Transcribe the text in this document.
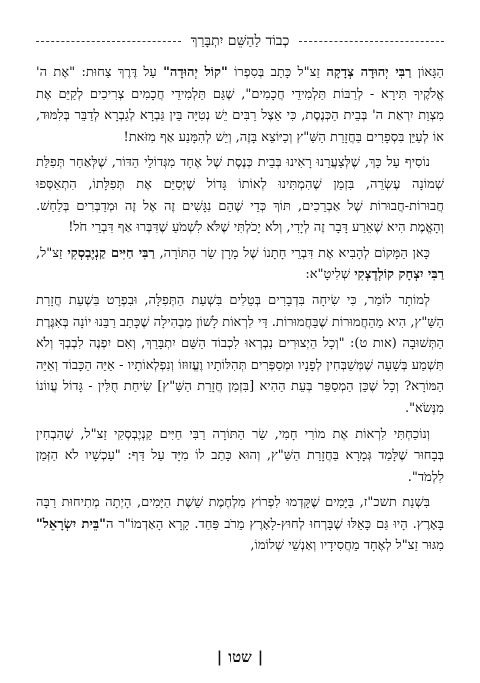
כְבוֹד לַהַשֵּׁם יִתְבָּרַךְ

הַגָּאוֹן רַבִּי יְהוּדָה צְדָקָה זַצ"ל כָּתַב בְּסִפְרוֹ "קוֹל יְהוּדָה" עַל דֶּרֶךְ צַחוּת: "אֶת ה' אֱלֹקֶיךָ תִּירָא - לְרַבּוֹת תַּלְמִידֵי חֲכָמִים", שֶׁגַּם תַּלְמִידֵי חֲכָמִים צְרִיכִים לְקַיֵּם אֶת מִצְוַת יִרְאַת ה' בְּבֵית הַכְּנֶסֶת, כִּי אֵצֶל רַבִּים יֵשׁ נְטִיָּה בֵּין גַּבְרָא לְגַבְרָא לְדַבֵּר בְּלִמּוּד, אוֹ לְעַיֵּן בִּסְפָרִים בַּחֲזָרַת הַשַּׁ"ץ וְכַיּוֹצֵא בָּזֶה, וְיֵשׁ לְהִמָּנַע אַף מִזֹּאת!

נוֹסִיף עַל כָּךְ, שֶׁלְּצַעֲרֵנוּ רָאִינוּ בְּבֵית כְּנֶסֶת שֶׁל אֶחָד מִגְּדוֹלֵי הַדּוֹר, שֶׁלְּאַחַר תְּפִלַּת שְׁמוֹנָה עֶשְׂרֵה, בִּזְמַן שֶׁהִמְתִּינוּ לְאוֹתוֹ גָּדוֹל שֶׁיְּסַיֵּם אֶת תְּפִלָּתוֹ, הִתְאַסְּפוּ חֲבוּרוֹת-חֲבוּרוֹת שֶׁל אַבְרֵכִים, תּוֹךְ כְּדֵי שֶׁהֵם נִגָּשִׁים זֶה אֶל זֶה וּמְדַבְּרִים בְּלַחַשׁ. וְהָאֱמֶת הִיא שֶׁאֵרַע דָּבָר זֶה לְיָדִי, וְלֹא יָכֹלְתִּי שֶׁלֹּא לִשְׁמֹעַ שֶׁדִּבְּרוּ אַף דִּבְרֵי חֹל!

כָּאן הַמָּקוֹם לְהָבִיא אֶת דִּבְרֵי חָתָנוֹ שֶׁל מָרָן שַׂר הַתּוֹרָה, רַבִּי חַיִּים קַנְיֶבְסְקִי זַצ"ל, רַבִּי יִצְחָק קוֹלְדֶצְקִי שְׁלִיטָ"א:

לְמוֹתָר לוֹמַר, כִּי שִׂיחָה בִּדְבָרִים בְּטֵלִים בִּשְׁעַת הַתְּפִלָּה, וּבִפְרָט בִּשְׁעַת חֲזָרַת הַשַּׁ"ץ, הִיא מֵהַחֲמוּרוֹת שֶׁבַּחֲמוּרוֹת. דַּי לִרְאוֹת לָשׁוֹן מַבְהִילָה שֶׁכָּתַב רַבֵּנוּ יוֹנָה בְּאִגֶּרֶת הַתְּשׁוּבָה (אות ט): "וְכָל הַיְצוּרִים נִבְרְאוּ לִכְבוֹד הַשֵּׁם יִתְבָּרַךְ, וְאִם יִפְנֶה לִבְבְךָ וְלֹא תִּשְׁמַע בְּשָׁעָה שֶׁמְּשַׁבְּחִין לְפָנָיו וּמְסַפְּרִים תְּהִלּוֹתָיו וֶעֱזוּזוֹ וְנִפְלְאוֹתָיו - אַיֵּה הַכָּבוֹד וְאַיֵּה הַמּוֹרָא? וְכָל שֶׁכֵּן הַמְסַפֵּר בְּעֵת הַהִיא [בִּזְמַן חֲזָרַת הַשַּׁ"ץ] שִׂיחַת חֻלִּין - גָּדוֹל עֲווֹנוֹ מִנְּשֹׂא".

וְנוֹכַחְתִּי לִרְאוֹת אֶת מוֹרִי חָמִי, שַׂר הַתּוֹרָה רַבִּי חַיִּים קַנְיֶבְסְקִי זַצ"ל, שֶׁהִבְחִין בְּבָחוּר שֶׁלָּמַד גְּמָרָא בַּחֲזָרַת הַשַּׁ"ץ, וְהוּא כָּתַב לוֹ מִיָּד עַל דַּף: "עַכְשָׁיו לֹא הַזְּמַן לִלְמֹד".

בִּשְׁנַת תשכ"ז, בַּיָּמִים שֶׁקָּדְמוּ לִפְרוֹץ מִלְחֶמֶת שֵׁשֶׁת הַיָּמִים, הָיְתָה מְתִיחוּת רַבָּה בָּאָרֶץ. הָיוּ גַּם כָּאֵלּוּ שֶׁבָּרְחוּ לְחוּץ-לָאָרֶץ מֵרֹב פַּחַד. קָרָא הָאַדְמוֹ"ר ה"בֵּית יִשְׂרָאֵל" מִגּוּר זַצ"ל לְאֶחָד מֵחֲסִידָיו וְאַנְשֵׁי שְׁלוֹמוֹ,

|שטו|
